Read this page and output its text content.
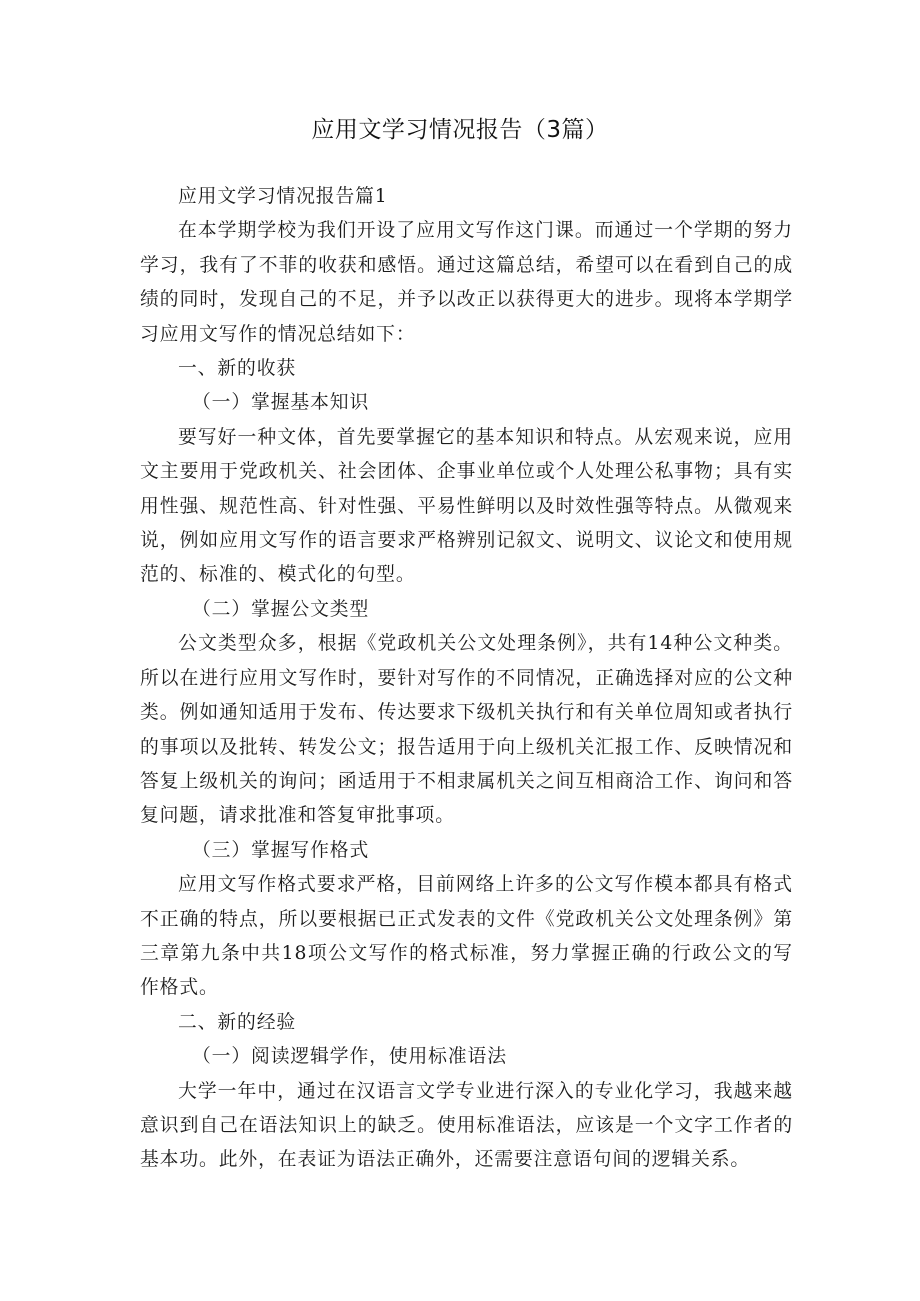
应用文学习情况报告（3篇）

应用文学习情况报告篇1

在本学期学校为我们开设了应用文写作这门课。而通过一个学期的努力学习，我有了不菲的收获和感悟。通过这篇总结，希望可以在看到自己的成绩的同时，发现自己的不足，并予以改正以获得更大的进步。现将本学期学习应用文写作的情况总结如下：

一、新的收获

（一）掌握基本知识

要写好一种文体，首先要掌握它的基本知识和特点。从宏观来说，应用文主要用于党政机关、社会团体、企事业单位或个人处理公私事物；具有实用性强、规范性高、针对性强、平易性鲜明以及时效性强等特点。从微观来说，例如应用文写作的语言要求严格辨别记叙文、说明文、议论文和使用规范的、标准的、模式化的句型。

（二）掌握公文类型

公文类型众多，根据《党政机关公文处理条例》，共有14种公文种类。所以在进行应用文写作时，要针对写作的不同情况，正确选择对应的公文种类。例如通知适用于发布、传达要求下级机关执行和有关单位周知或者执行的事项以及批转、转发公文；报告适用于向上级机关汇报工作、反映情况和答复上级机关的询问；函适用于不相隶属机关之间互相商洽工作、询问和答复问题，请求批准和答复审批事项。

（三）掌握写作格式

应用文写作格式要求严格，目前网络上许多的公文写作模本都具有格式不正确的特点，所以要根据已正式发表的文件《党政机关公文处理条例》第三章第九条中共18项公文写作的格式标准，努力掌握正确的行政公文的写作格式。

二、新的经验

（一）阅读逻辑学作，使用标准语法

大学一年中，通过在汉语言文学专业进行深入的专业化学习，我越来越意识到自己在语法知识上的缺乏。使用标准语法，应该是一个文字工作者的基本功。此外，在表证为语法正确外，还需要注意语句间的逻辑关系。
